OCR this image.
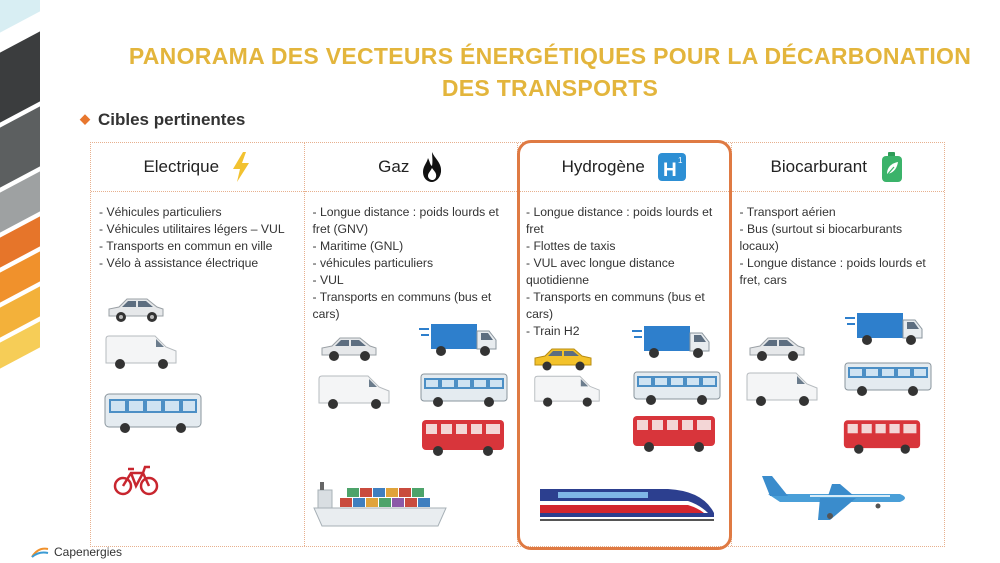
PANORAMA DES VECTEURS ÉNERGÉTIQUES POUR LA DÉCARBONATION
DES TRANSPORTS
◆ Cibles pertinentes
Electrique
- Véhicules particuliers
- Véhicules utilitaires légers – VUL
- Transports en commun en ville
- Vélo à assistance électrique
Gaz
- Longue distance : poids lourds et fret (GNV)
- Maritime (GNL)
- véhicules particuliers
- VUL
- Transports en communs (bus et cars)
Hydrogène H 1
- Longue distance : poids lourds et fret
- Flottes de taxis
- VUL avec longue distance quotidienne
- Transports en communs (bus et cars)
- Train H2
Biocarburant
- Transport aérien
- Bus (surtout si biocarburants locaux)
- Longue distance : poids lourds et fret, cars
Capenergies
